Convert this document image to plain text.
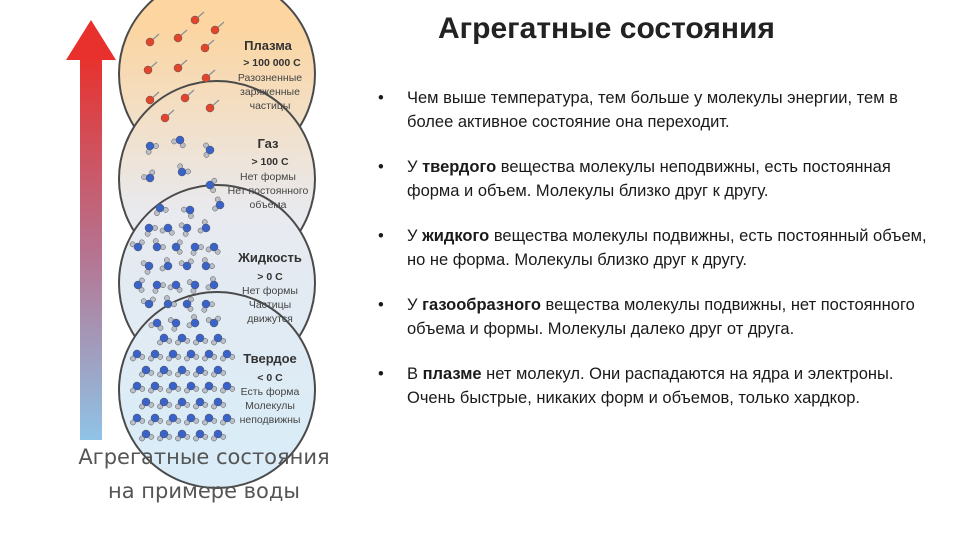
Плазма
> 100 000 С
Разозненные
заряженные
частицы
Газ
> 100 С
Нет формы
Нет постоянного
объема
Жидкость
> 0 С
Нет формы
Частицы
движутся
Твердое
< 0 С
Есть форма
Молекулы
неподвижны
Агрегатные состояния
на примере воды
Агрегатные состояния
• Чем выше температура, тем больше у молекулы энергии, тем в более активное состояние она переходит.
• У твердого вещества молекулы неподвижны, есть постоянная форма и объем. Молекулы близко друг к другу.
• У жидкого вещества молекулы подвижны, есть постоянный объем, но не форма. Молекулы близко друг к другу.
• У газообразного вещества молекулы подвижны, нет постоянного объема и формы. Молекулы далеко друг от друга.
• В плазме нет молекул. Они распадаются на ядра и электроны. Очень быстрые, никаких форм и объемов, только хардкор.
